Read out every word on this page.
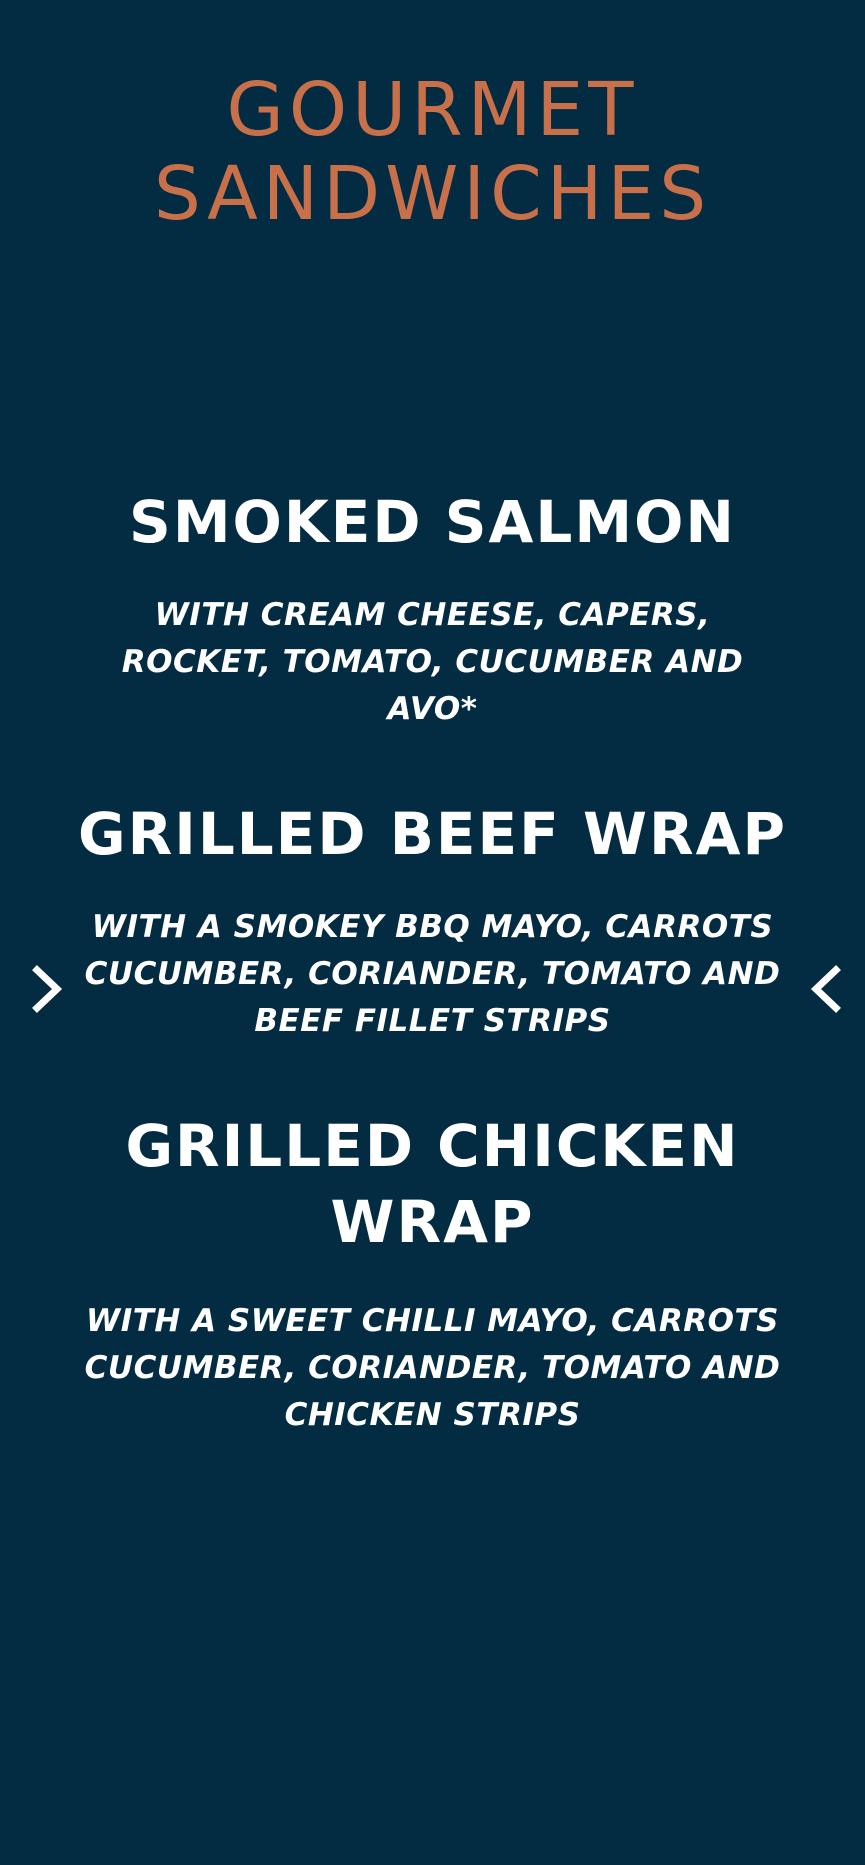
GOURMET
SANDWICHES
SMOKED SALMON

WITH CREAM CHEESE, CAPERS, ROCKET, TOMATO, CUCUMBER AND AVO*

GRILLED BEEF WRAP

WITH A SMOKEY BBQ MAYO, CARROTS CUCUMBER, CORIANDER, TOMATO AND BEEF FILLET STRIPS

GRILLED CHICKEN WRAP

WITH A SWEET CHILLI MAYO, CARROTS CUCUMBER, CORIANDER, TOMATO AND CHICKEN STRIPS
